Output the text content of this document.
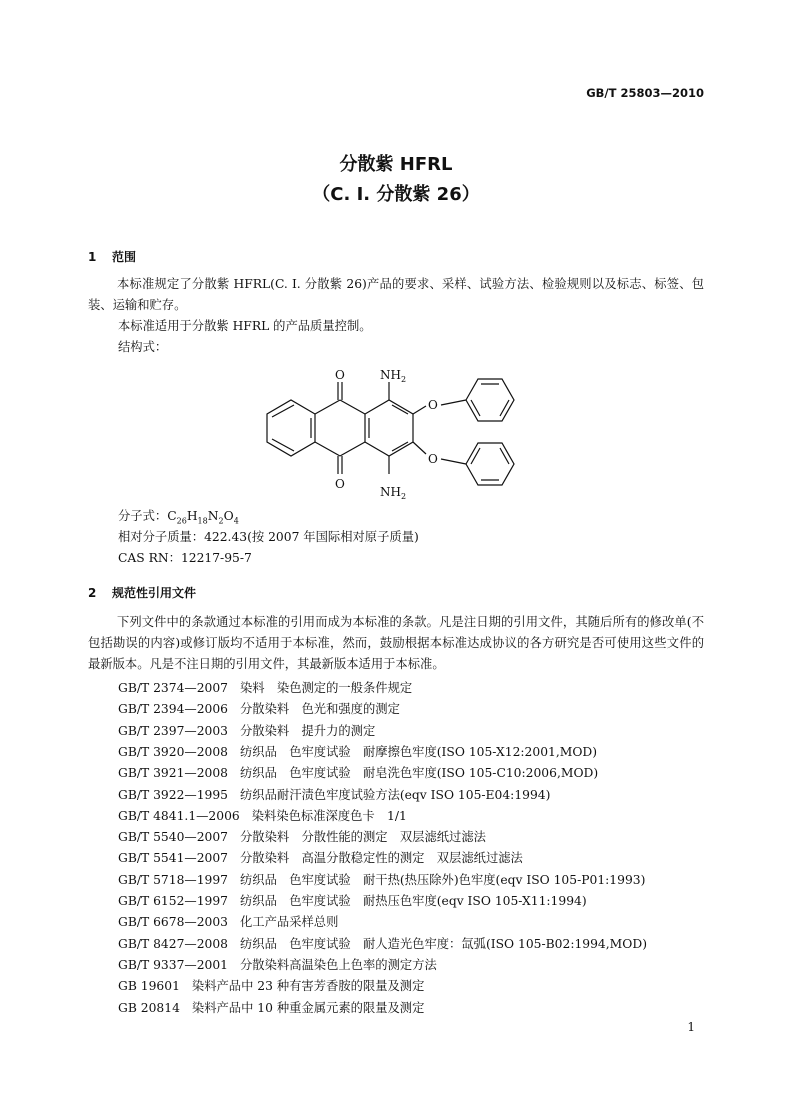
GB/T 25803—2010
分散紫 HFRL
（C. I. 分散紫 26）
1 范围
本标准规定了分散紫 HFRL(C. I. 分散紫 26)产品的要求、采样、试验方法、检验规则以及标志、标签、包装、运输和贮存。
本标准适用于分散紫 HFRL 的产品质量控制。
结构式：
O
O
$NH_2$
$NH_2$
O
O
分子式：$C_{26}H_{18}N_2O_4$
相对分子质量：422.43(按 2007 年国际相对原子质量)
CAS RN：12217-95-7
2 规范性引用文件
下列文件中的条款通过本标准的引用而成为本标准的条款。凡是注日期的引用文件，其随后所有的修改单(不包括勘误的内容)或修订版均不适用于本标准，然而，鼓励根据本标准达成协议的各方研究是否可使用这些文件的最新版本。凡是不注日期的引用文件，其最新版本适用于本标准。
GB/T 2374—2007 染料　染色测定的一般条件规定
GB/T 2394—2006 分散染料　色光和强度的测定
GB/T 2397—2003 分散染料　提升力的测定
GB/T 3920—2008 纺织品　色牢度试验　耐摩擦色牢度(ISO 105-X12:2001,MOD)
GB/T 3921—2008 纺织品　色牢度试验　耐皂洗色牢度(ISO 105-C10:2006,MOD)
GB/T 3922—1995 纺织品耐汗渍色牢度试验方法(eqv ISO 105-E04:1994)
GB/T 4841.1—2006 染料染色标准深度色卡　1/1
GB/T 5540—2007 分散染料　分散性能的测定　双层滤纸过滤法
GB/T 5541—2007 分散染料　高温分散稳定性的测定　双层滤纸过滤法
GB/T 5718—1997 纺织品　色牢度试验　耐干热(热压除外)色牢度(eqv ISO 105-P01:1993)
GB/T 6152—1997 纺织品　色牢度试验　耐热压色牢度(eqv ISO 105-X11:1994)
GB/T 6678—2003 化工产品采样总则
GB/T 8427—2008 纺织品　色牢度试验　耐人造光色牢度：氙弧(ISO 105-B02:1994,MOD)
GB/T 9337—2001 分散染料高温染色上色率的测定方法
GB 19601 染料产品中 23 种有害芳香胺的限量及测定
GB 20814 染料产品中 10 种重金属元素的限量及测定
1
